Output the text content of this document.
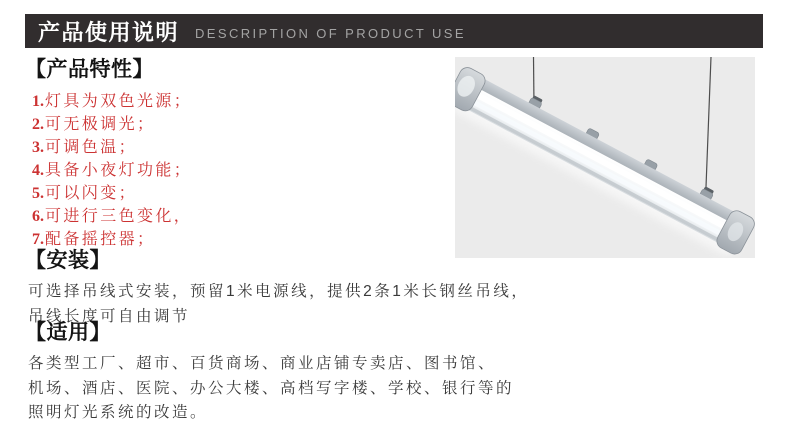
产品使用说明 DESCRIPTION OF PRODUCT USE
【产品特性】
1.灯具为双色光源；
2.可无极调光；
3.可调色温；
4.具备小夜灯功能；
5.可以闪变；
6.可进行三色变化，
7.配备摇控器；
【安装】

可选择吊线式安装，预留1米电源线，提供2条1米长钢丝吊线，
吊线长度可自由调节

【适用】

各类型工厂、超市、百货商场、商业店铺专卖店、图书馆、
机场、酒店、医院、办公大楼、高档写字楼、学校、银行等的
照明灯光系统的改造。
